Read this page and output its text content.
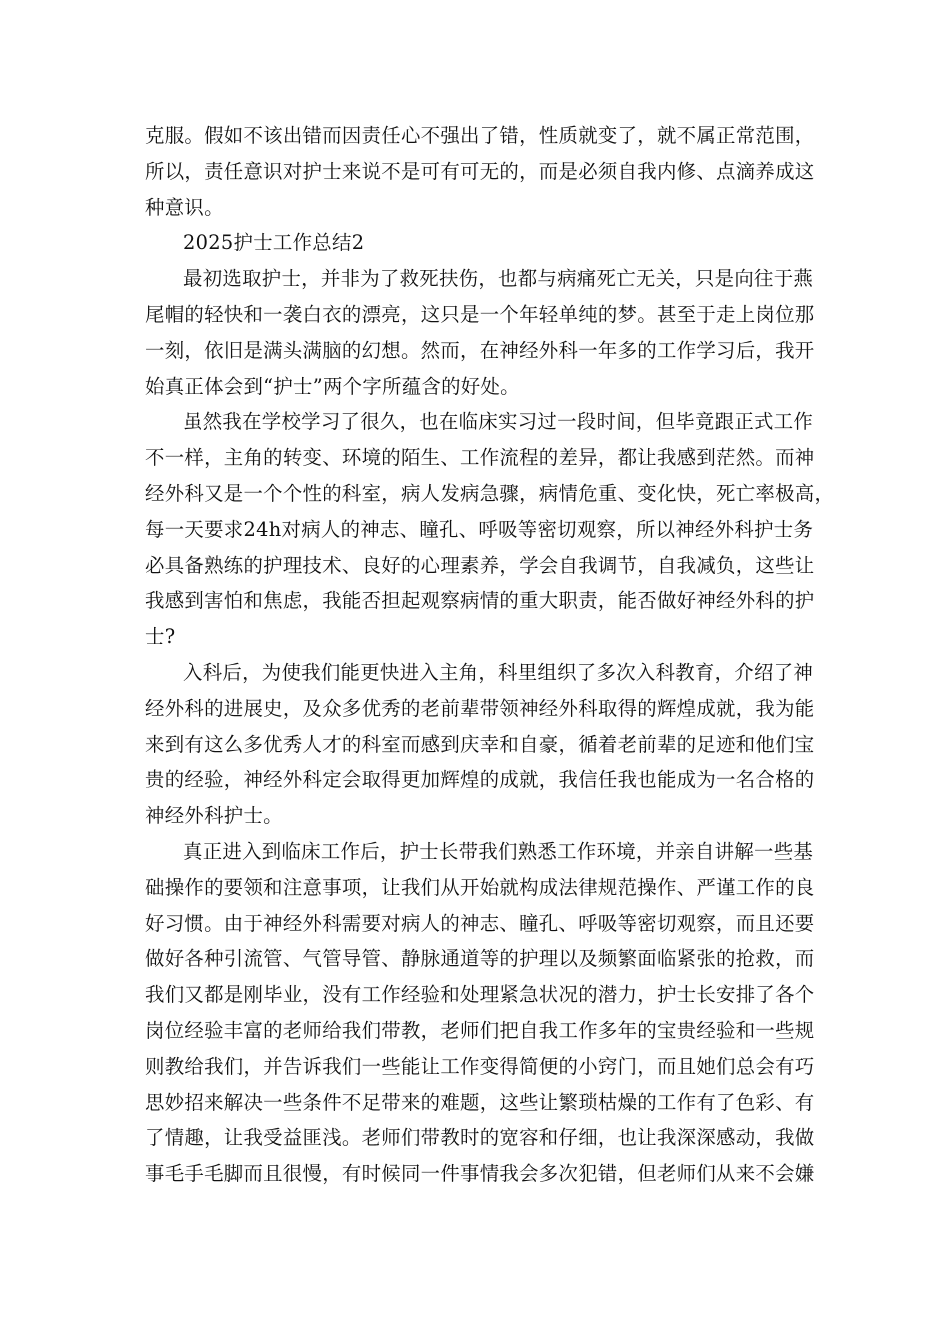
克服。假如不该出错而因责任心不强出了错，性质就变了，就不属正常范围，
所以，责任意识对护士来说不是可有可无的，而是必须自我内修、点滴养成这
种意识。
2025护士工作总结2
最初选取护士，并非为了救死扶伤，也都与病痛死亡无关，只是向往于燕
尾帽的轻快和一袭白衣的漂亮，这只是一个年轻单纯的梦。甚至于走上岗位那
一刻，依旧是满头满脑的幻想。然而，在神经外科一年多的工作学习后，我开
始真正体会到“护士”两个字所蕴含的好处。
虽然我在学校学习了很久，也在临床实习过一段时间，但毕竟跟正式工作
不一样，主角的转变、环境的陌生、工作流程的差异，都让我感到茫然。而神
经外科又是一个个性的科室，病人发病急骤，病情危重、变化快，死亡率极高，
每一天要求24h对病人的神志、瞳孔、呼吸等密切观察，所以神经外科护士务
必具备熟练的护理技术、良好的心理素养，学会自我调节，自我减负，这些让
我感到害怕和焦虑，我能否担起观察病情的重大职责，能否做好神经外科的护
士?
入科后，为使我们能更快进入主角，科里组织了多次入科教育，介绍了神
经外科的进展史，及众多优秀的老前辈带领神经外科取得的辉煌成就，我为能
来到有这么多优秀人才的科室而感到庆幸和自豪，循着老前辈的足迹和他们宝
贵的经验，神经外科定会取得更加辉煌的成就，我信任我也能成为一名合格的
神经外科护士。
真正进入到临床工作后，护士长带我们熟悉工作环境，并亲自讲解一些基
础操作的要领和注意事项，让我们从开始就构成法律规范操作、严谨工作的良
好习惯。由于神经外科需要对病人的神志、瞳孔、呼吸等密切观察，而且还要
做好各种引流管、气管导管、静脉通道等的护理以及频繁面临紧张的抢救，而
我们又都是刚毕业，没有工作经验和处理紧急状况的潜力，护士长安排了各个
岗位经验丰富的老师给我们带教，老师们把自我工作多年的宝贵经验和一些规
则教给我们，并告诉我们一些能让工作变得简便的小窍门，而且她们总会有巧
思妙招来解决一些条件不足带来的难题，这些让繁琐枯燥的工作有了色彩、有
了情趣，让我受益匪浅。老师们带教时的宽容和仔细，也让我深深感动，我做
事毛手毛脚而且很慢，有时候同一件事情我会多次犯错，但老师们从来不会嫌
